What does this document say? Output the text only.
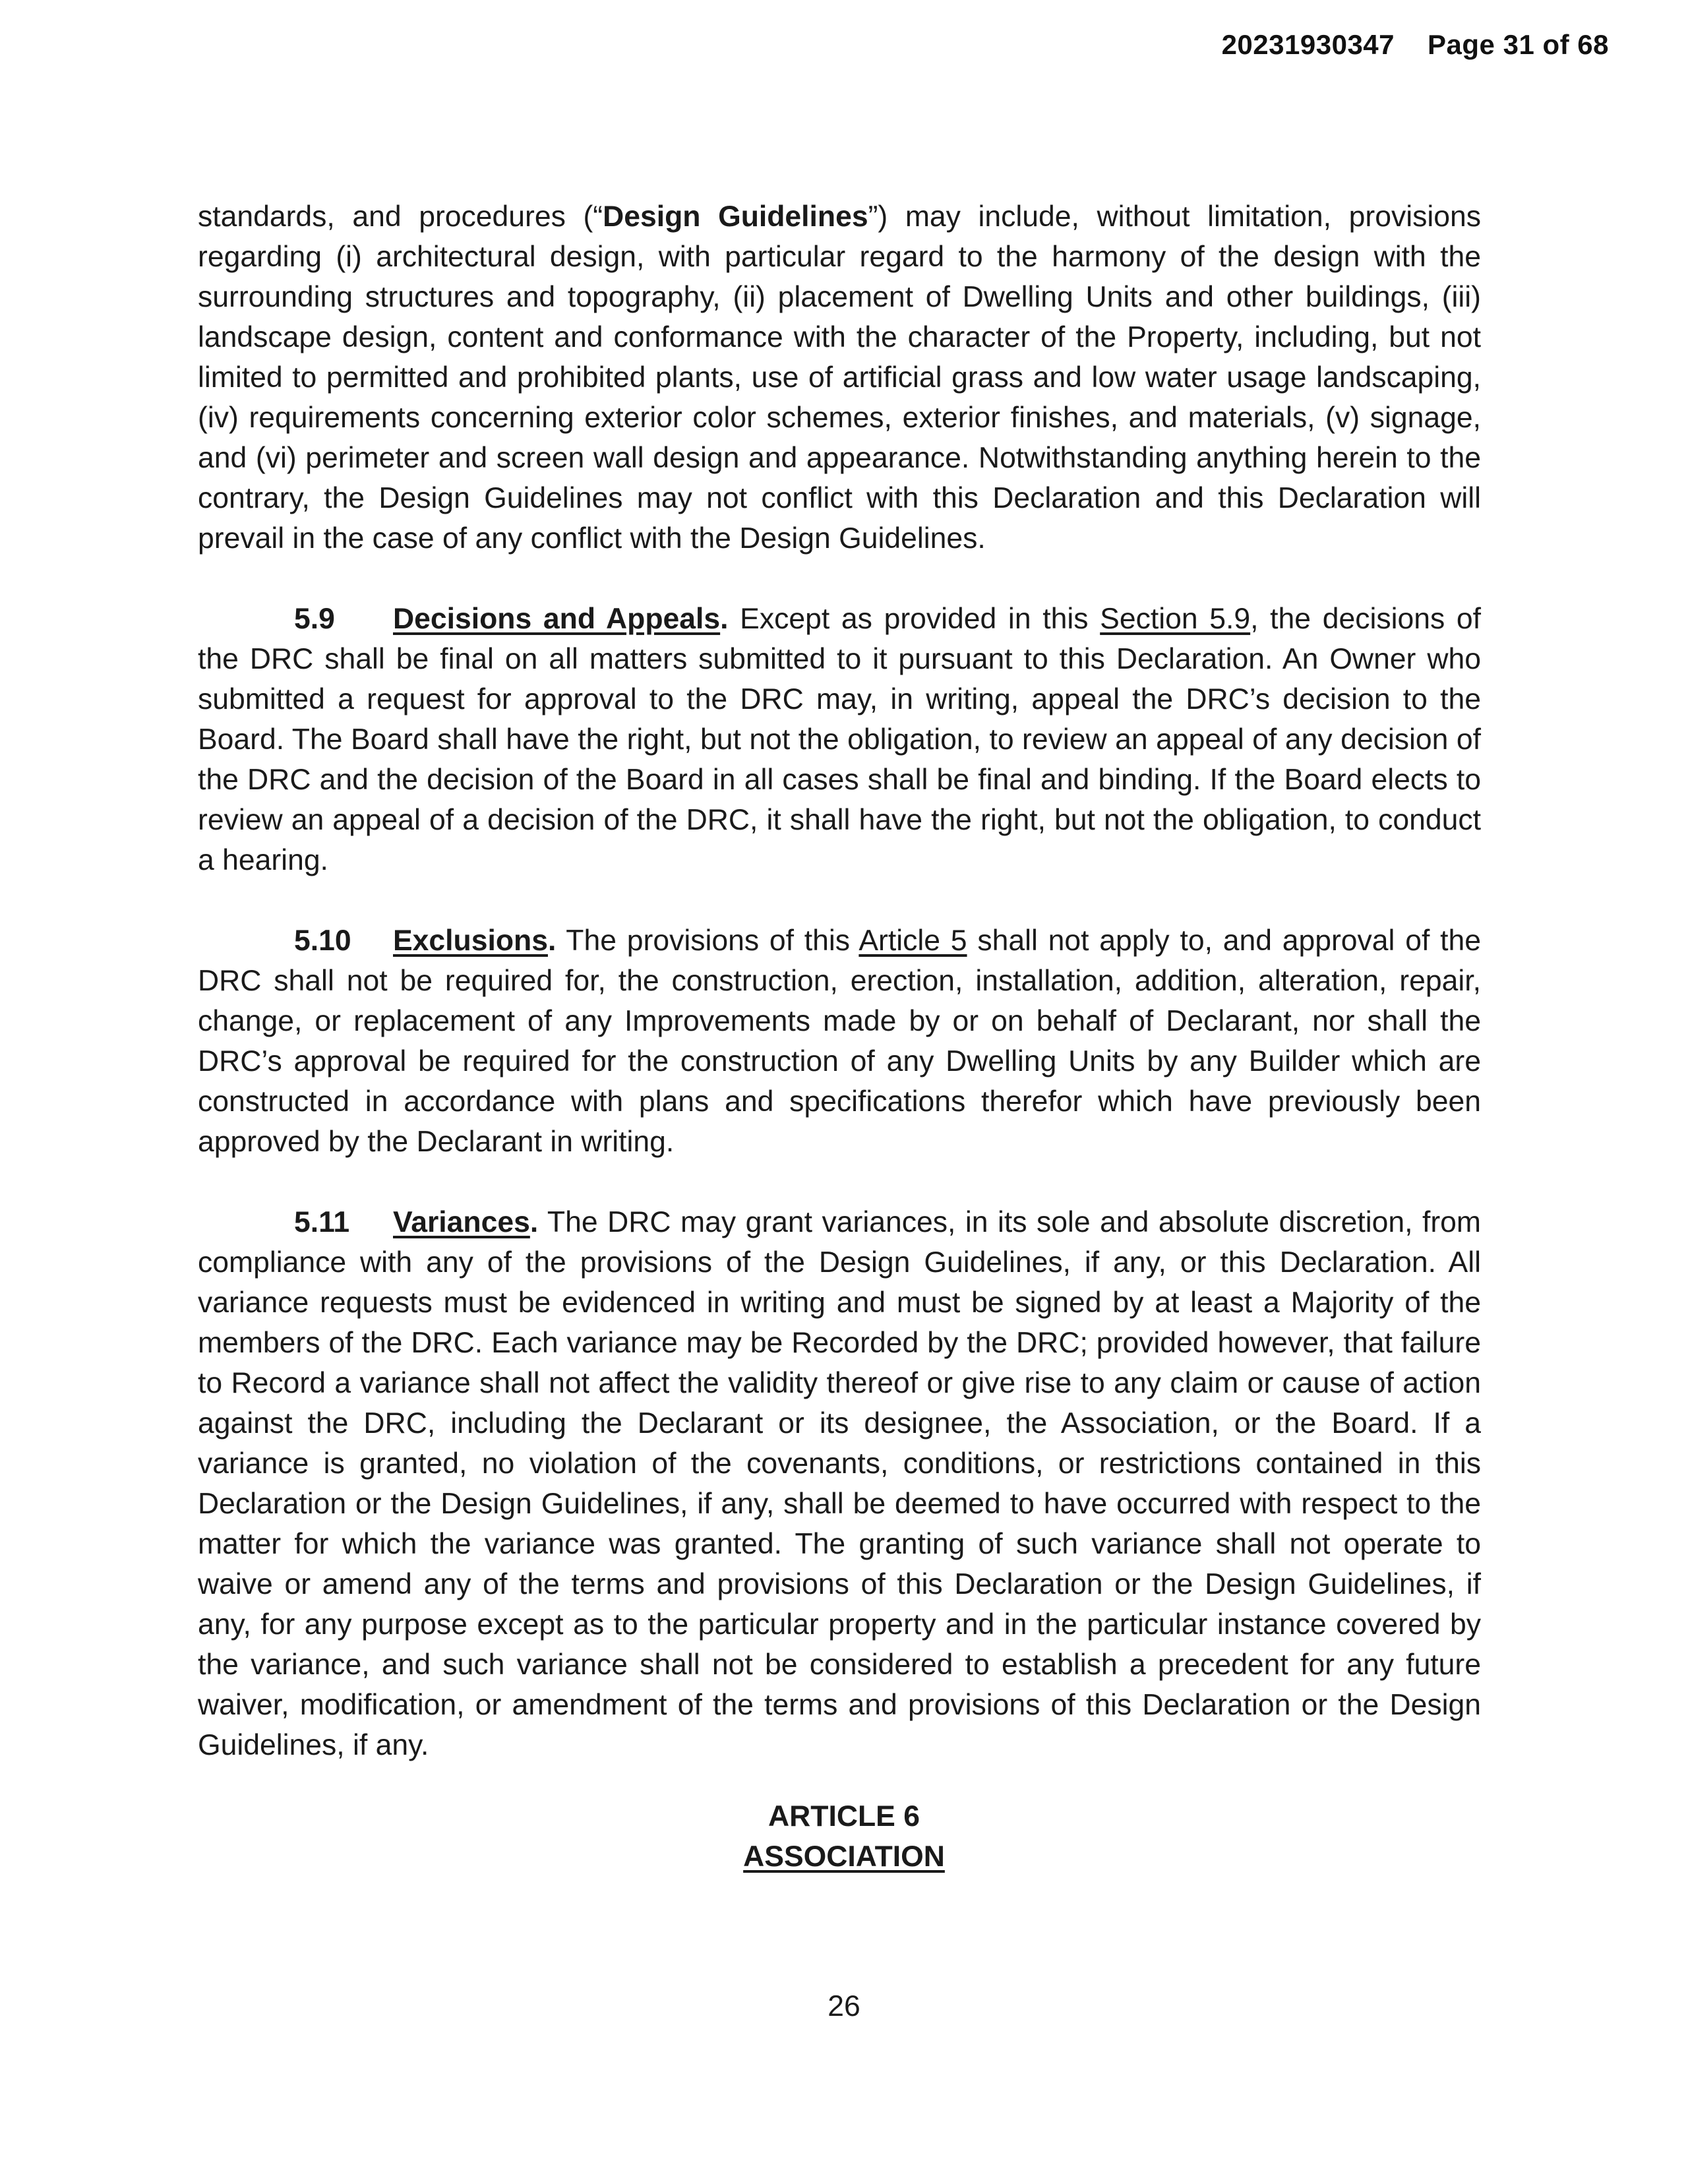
20231930347 Page 31 of 68

standards, and procedures (“Design Guidelines”) may include, without limitation, provisions regarding (i) architectural design, with particular regard to the harmony of the design with the surrounding structures and topography, (ii) placement of Dwelling Units and other buildings, (iii) landscape design, content and conformance with the character of the Property, including, but not limited to permitted and prohibited plants, use of artificial grass and low water usage landscaping, (iv) requirements concerning exterior color schemes, exterior finishes, and materials, (v) signage, and (vi) perimeter and screen wall design and appearance. Notwithstanding anything herein to the contrary, the Design Guidelines may not conflict with this Declaration and this Declaration will prevail in the case of any conflict with the Design Guidelines.

5.9 Decisions and Appeals. Except as provided in this Section 5.9, the decisions of the DRC shall be final on all matters submitted to it pursuant to this Declaration. An Owner who submitted a request for approval to the DRC may, in writing, appeal the DRC’s decision to the Board. The Board shall have the right, but not the obligation, to review an appeal of any decision of the DRC and the decision of the Board in all cases shall be final and binding. If the Board elects to review an appeal of a decision of the DRC, it shall have the right, but not the obligation, to conduct a hearing.

5.10 Exclusions. The provisions of this Article 5 shall not apply to, and approval of the DRC shall not be required for, the construction, erection, installation, addition, alteration, repair, change, or replacement of any Improvements made by or on behalf of Declarant, nor shall the DRC’s approval be required for the construction of any Dwelling Units by any Builder which are constructed in accordance with plans and specifications therefor which have previously been approved by the Declarant in writing.

5.11 Variances. The DRC may grant variances, in its sole and absolute discretion, from compliance with any of the provisions of the Design Guidelines, if any, or this Declaration. All variance requests must be evidenced in writing and must be signed by at least a Majority of the members of the DRC. Each variance may be Recorded by the DRC; provided however, that failure to Record a variance shall not affect the validity thereof or give rise to any claim or cause of action against the DRC, including the Declarant or its designee, the Association, or the Board. If a variance is granted, no violation of the covenants, conditions, or restrictions contained in this Declaration or the Design Guidelines, if any, shall be deemed to have occurred with respect to the matter for which the variance was granted. The granting of such variance shall not operate to waive or amend any of the terms and provisions of this Declaration or the Design Guidelines, if any, for any purpose except as to the particular property and in the particular instance covered by the variance, and such variance shall not be considered to establish a precedent for any future waiver, modification, or amendment of the terms and provisions of this Declaration or the Design Guidelines, if any.

ARTICLE 6
ASSOCIATION
26
